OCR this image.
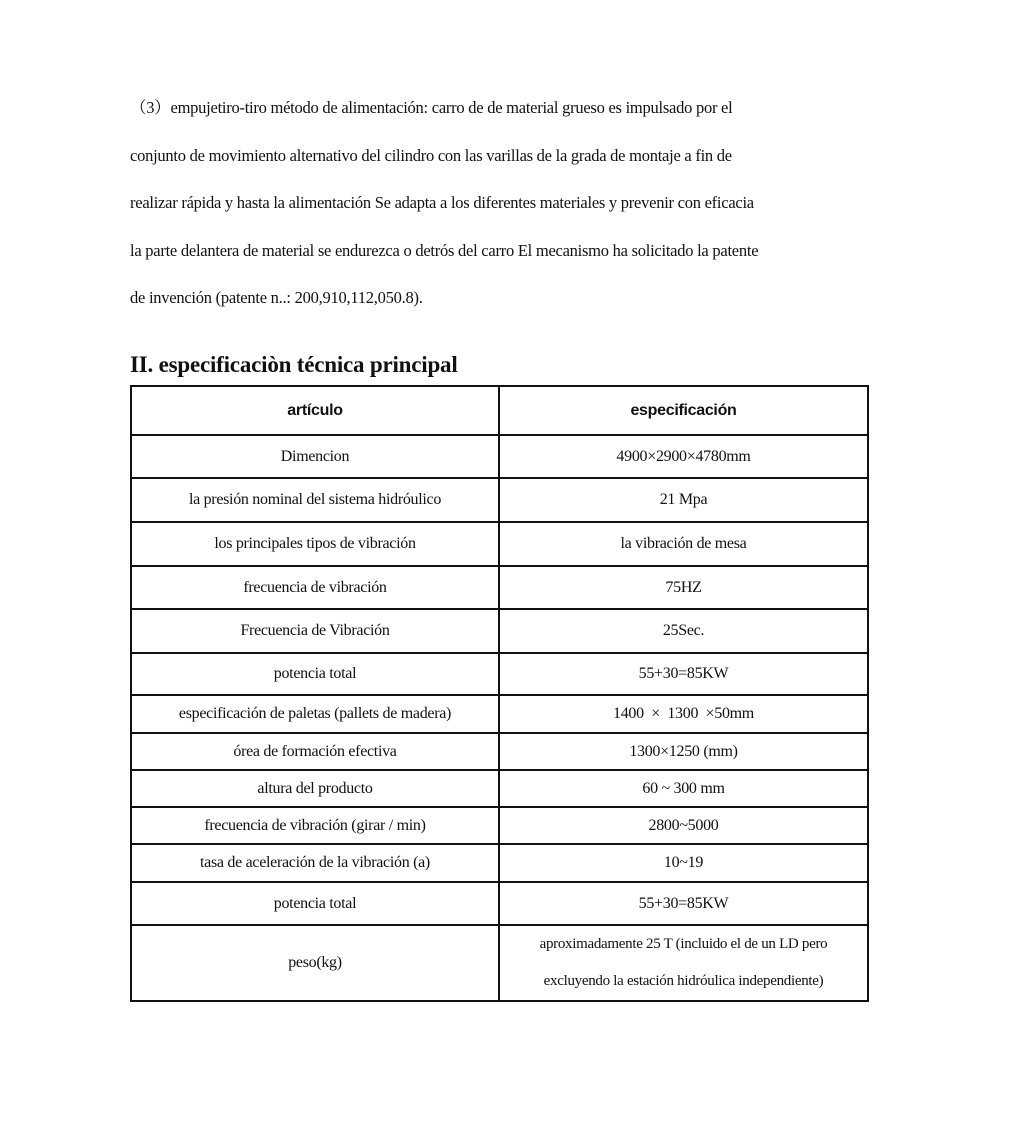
（3）empujetiro-tiro método de alimentación: carro de de material grueso es impulsado por el
conjunto de movimiento alternativo del cilindro con las varillas de la grada de montaje a fin de
realizar rápida y hasta la alimentación Se adapta a los diferentes materiales y prevenir con eficacia
la parte delantera de material se endurezca o detrós del carro El mecanismo ha solicitado la patente
de invención (patente n..: 200,910,112,050.8).
II. especificaciòn técnica principal
artículo	especificación
Dimencion	4900×2900×4780mm
la presión nominal del sistema hidróulico	21 Mpa
los principales tipos de vibración	la vibración de mesa
frecuencia de vibración	75HZ
Frecuencia de Vibración	25Sec.
potencia total	55+30=85KW
especificación de paletas (pallets de madera)	1400  ×  1300  ×50mm
órea de formación efectiva	1300×1250 (mm)
altura del producto	60 ~ 300 mm
frecuencia de vibración (girar / min)	2800~5000
tasa de aceleración de la vibración (a)	10~19
potencia total	55+30=85KW
peso(kg)	aproximadamente 25 T (incluido el de un LD pero
excluyendo la estación hidróulica independiente)
